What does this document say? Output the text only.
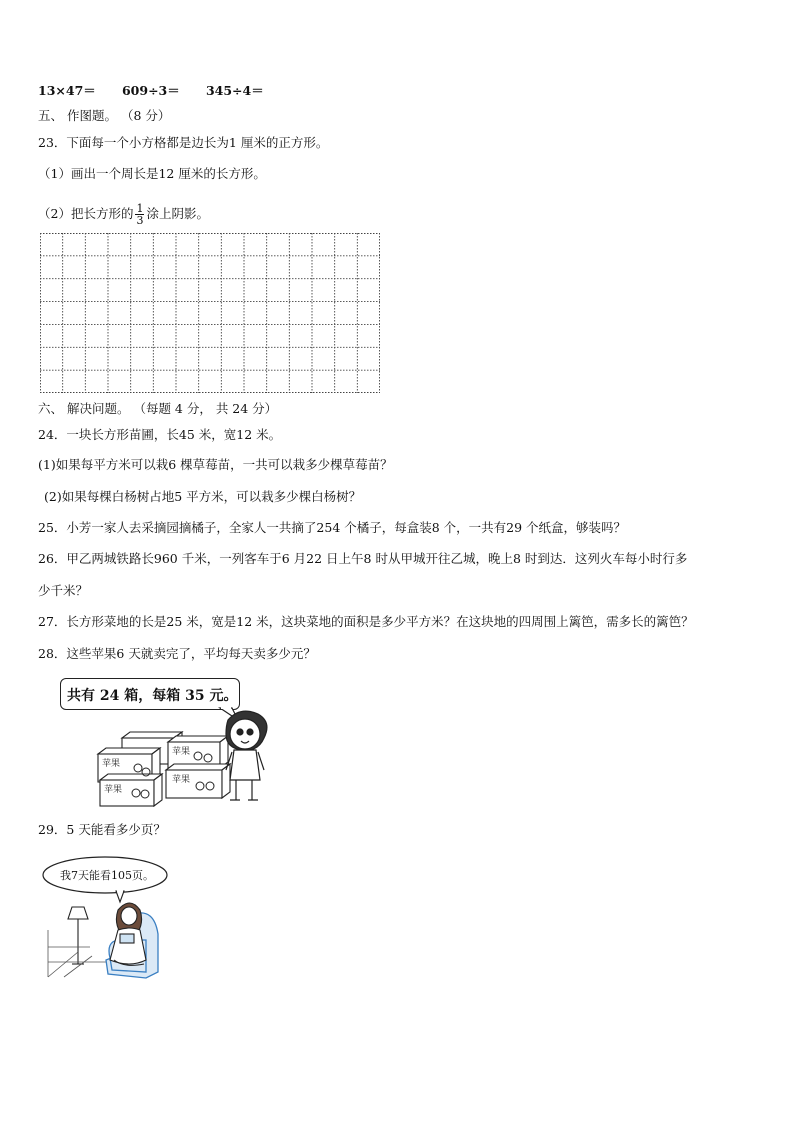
13×47＝ 609÷3＝ 345÷4＝
五、 作图题。 （8 分）
23．下面每一个小方格都是边长为1 厘米的正方形。
（1）画出一个周长是12 厘米的长方形。
（2）把长方形的 $\frac{1}{3}$ 涂上阴影。
六、 解决问题。 （每题 4 分， 共 24 分）
24．一块长方形苗圃，长45 米，宽12 米。
(1)如果每平方米可以栽6 棵草莓苗，一共可以栽多少棵草莓苗？
(2)如果每棵白杨树占地5 平方米，可以栽多少棵白杨树？
25．小芳一家人去采摘园摘橘子，全家人一共摘了254 个橘子，每盒装8 个，一共有29 个纸盒，够装吗？
26．甲乙两城铁路长960 千米，一列客车于6 月22 日上午8 时从甲城开往乙城，晚上8 时到达．这列火车每小时行多
少千米？
27．长方形菜地的长是25 米，宽是12 米，这块菜地的面积是多少平方米？在这块地的四周围上篱笆，需多长的篱笆？
28．这些苹果6 天就卖完了，平均每天卖多少元？
共有 24 箱，每箱 35 元。
苹果
苹果
苹果
苹果
29．5 天能看多少页？
我7天能看105页。
